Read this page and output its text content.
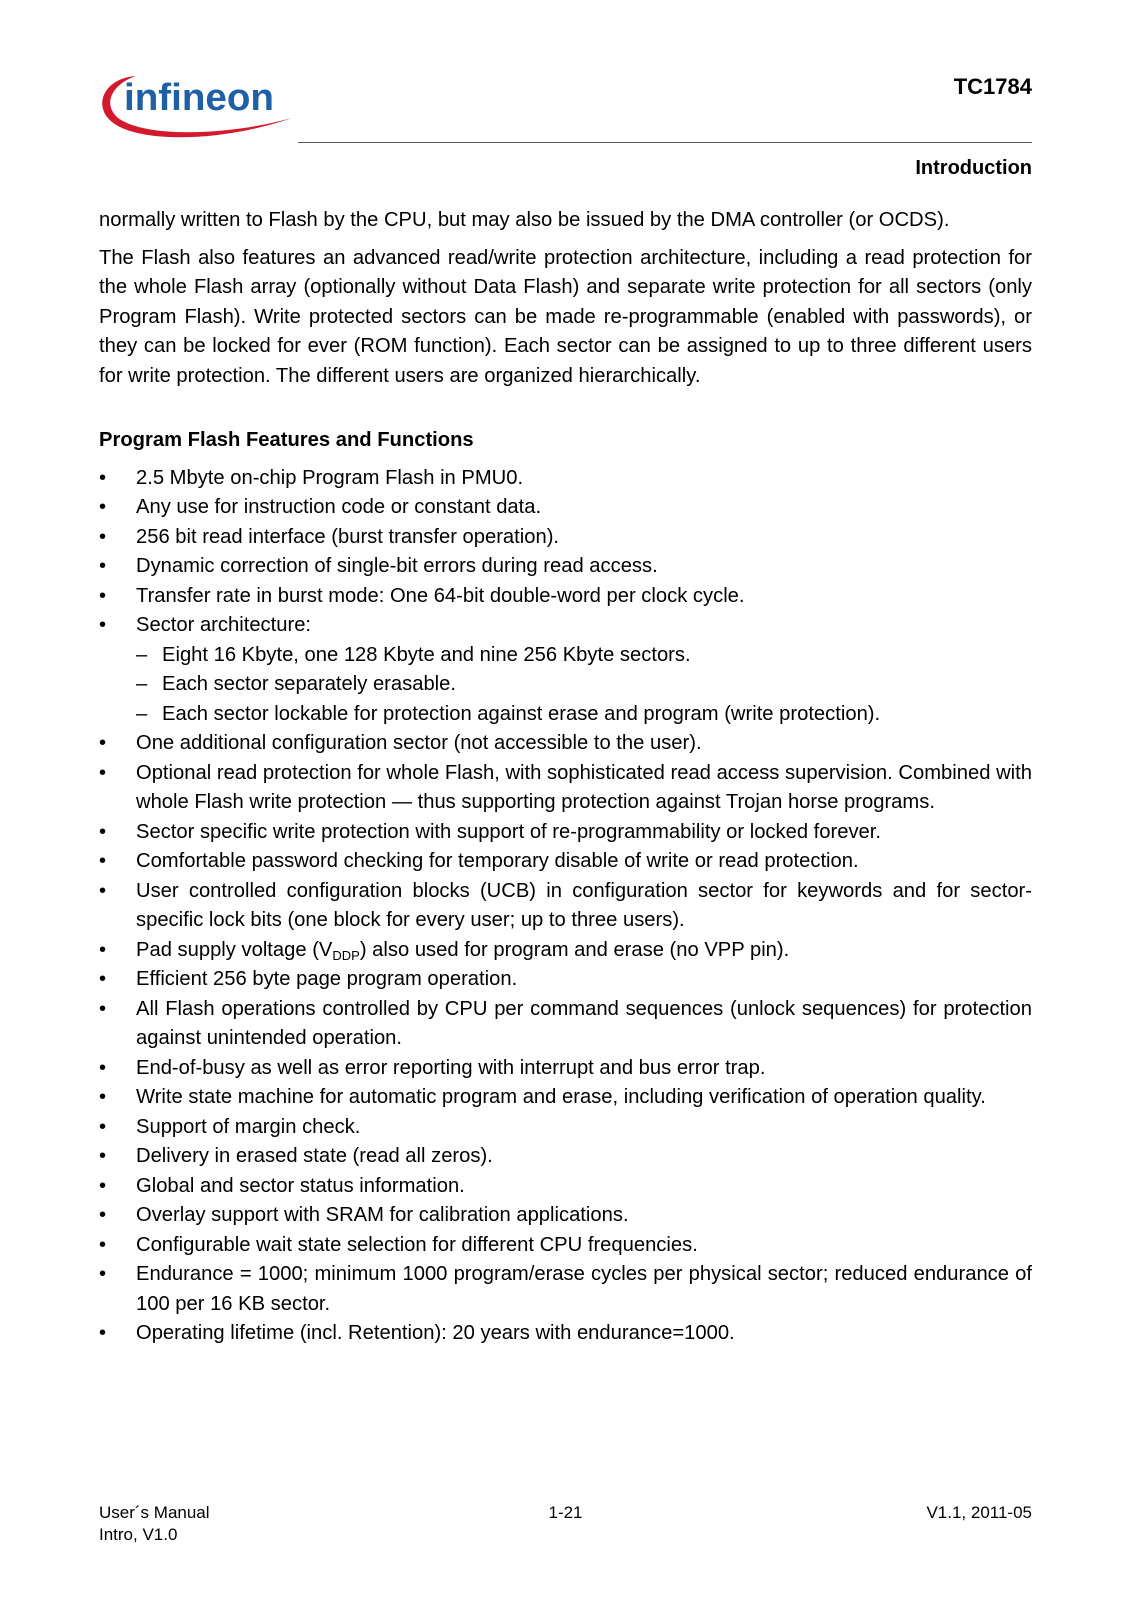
infineon	TC1784
Introduction

normally written to Flash by the CPU, but may also be issued by the DMA controller (or OCDS).

The Flash also features an advanced read/write protection architecture, including a read protection for the whole Flash array (optionally without Data Flash) and separate write protection for all sectors (only Program Flash). Write protected sectors can be made re-programmable (enabled with passwords), or they can be locked for ever (ROM function). Each sector can be assigned to up to three different users for write protection. The different users are organized hierarchically.

Program Flash Features and Functions
• 2.5 Mbyte on-chip Program Flash in PMU0.
• Any use for instruction code or constant data.
• 256 bit read interface (burst transfer operation).
• Dynamic correction of single-bit errors during read access.
• Transfer rate in burst mode: One 64-bit double-word per clock cycle.
• Sector architecture:
– Eight 16 Kbyte, one 128 Kbyte and nine 256 Kbyte sectors.
– Each sector separately erasable.
– Each sector lockable for protection against erase and program (write protection).
• One additional configuration sector (not accessible to the user).
• Optional read protection for whole Flash, with sophisticated read access supervision. Combined with whole Flash write protection — thus supporting protection against Trojan horse programs.
• Sector specific write protection with support of re-programmability or locked forever.
• Comfortable password checking for temporary disable of write or read protection.
• User controlled configuration blocks (UCB) in configuration sector for keywords and for sector-specific lock bits (one block for every user; up to three users).
• Pad supply voltage $(V_{DDP})$ also used for program and erase (no VPP pin).
• Efficient 256 byte page program operation.
• All Flash operations controlled by CPU per command sequences (unlock sequences) for protection against unintended operation.
• End-of-busy as well as error reporting with interrupt and bus error trap.
• Write state machine for automatic program and erase, including verification of operation quality.
• Support of margin check.
• Delivery in erased state (read all zeros).
• Global and sector status information.
• Overlay support with SRAM for calibration applications.
• Configurable wait state selection for different CPU frequencies.
• Endurance = 1000; minimum 1000 program/erase cycles per physical sector; reduced endurance of 100 per 16 KB sector.
• Operating lifetime (incl. Retention): 20 years with endurance=1000.
User´s Manual
Intro, V1.0
1-21	V1.1, 2011-05
